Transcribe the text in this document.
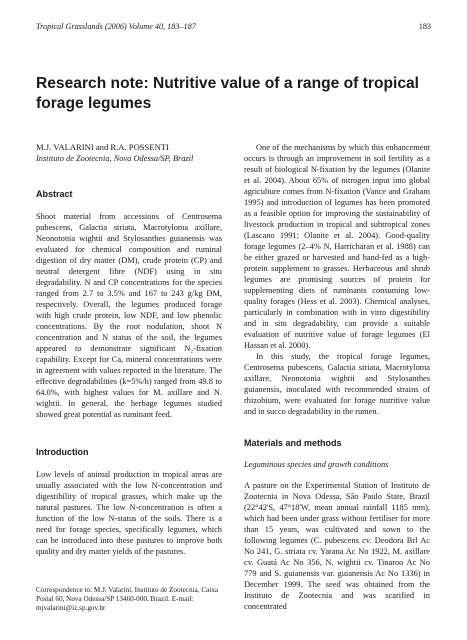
Tropical Grasslands (2006) Volume 40, 183–187	183
Research note: Nutritive value of a range of tropical forage legumes

M.J. VALARINI and R.A. POSSENTI

Instituto de Zootecnia, Nova Odessa/SP, Brazil

Abstract

Shoot material from accessions of Centrosema pubescens, Galactia striata, Macrotyloma axillare, Neonotonia wightii and Stylosanthes guianensis was evaluated for chemical composition and ruminal digestion of dry matter (DM), crude protein (CP) and neutral detergent fibre (NDF) using in situ degradability. N and CP concentrations for the species ranged from 2.7 to 3.5% and 167 to 243 g/kg DM, respectively. Overall, the legumes produced forage with high crude protein, low NDF, and low phenolic concentrations. By the root nodulation, shoot N concentration and N status of the soil, the legumes appeared to demonstrate significant N₂-fixation capability. Except for Ca, mineral concentrations were in agreement with values reported in the literature. The effective degradabilities (k=5%/h) ranged from 49.8 to 64.0%, with highest values for M. axillare and N. wightii. In general, the herbage legumes studied showed great potential as ruminant feed.

Introduction

Low levels of animal production in tropical areas are usually associated with the low N-concentration and digestibility of tropical grasses, which make up the natural pastures. The low N-concentration is often a function of the low N-status of the soils. There is a need for forage species, specifically legumes, which can be introduced into these pastures to improve both quality and dry matter yields of the pastures.

One of the mechanisms by which this enhancement occurs is through an improvement in soil fertility as a result of biological N-fixation by the legumes (Olanite et al. 2004). About 65% of nitrogen input into global agriculture comes from N-fixation (Vance and Graham 1995) and introduction of legumes has been promoted as a feasible option for improving the sustainability of livestock production in tropical and subtropical zones (Lascano 1991; Olanite et al. 2004). Good-quality forage legumes (2–4% N, Harricharan et al. 1988) can be either grazed or harvested and hand-fed as a high-protein supplement to grasses. Herbaceous and shrub legumes are promising sources of protein for supplementing diets of ruminants consuming low-quality forages (Hess et al. 2003). Chemical analyses, particularly in combination with in vitro digestibility and in situ degradability, can provide a suitable evaluation of nutritive value of forage legumes (El Hassan et al. 2000).

In this study, the tropical forage legumes, Centrosema pubescens, Galactia striata, Macrotyloma axillare, Neonotonia wightii and Stylosanthes guianensis, inoculated with recommended strains of rhizobium, were evaluated for forage nutritive value and in succo degradability in the rumen.

Materials and methods

Leguminous species and growth conditions

A pasture on the Experimental Station of Instituto de Zootecnia in Nova Odessa, São Paulo State, Brazil (22°42'S, 47°18'W, mean annual rainfall 1185 mm), which had been under grass without fertiliser for more than 15 years, was cultivated and sown to the following legumes (C. pubescens cv. Deodora Brl Ac No 241, G. striata cv. Yarana Ac No 1922, M. axillare cv. Guatá Ac No 356, N. wightii cv. Tinaroo Ac No 779 and S. guianensis var. guianensis Ac No 1336) in December 1999. The seed was obtained from the Instituto de Zootecnia and was scarified in concentrated

Correspondence to: M.J. Valarini, Instituto de Zootecnia, Caixa Postal 60, Nova Odessa/SP 13460-000, Brazil. E-mail: mjvalarini@iz.sp.gov.br
